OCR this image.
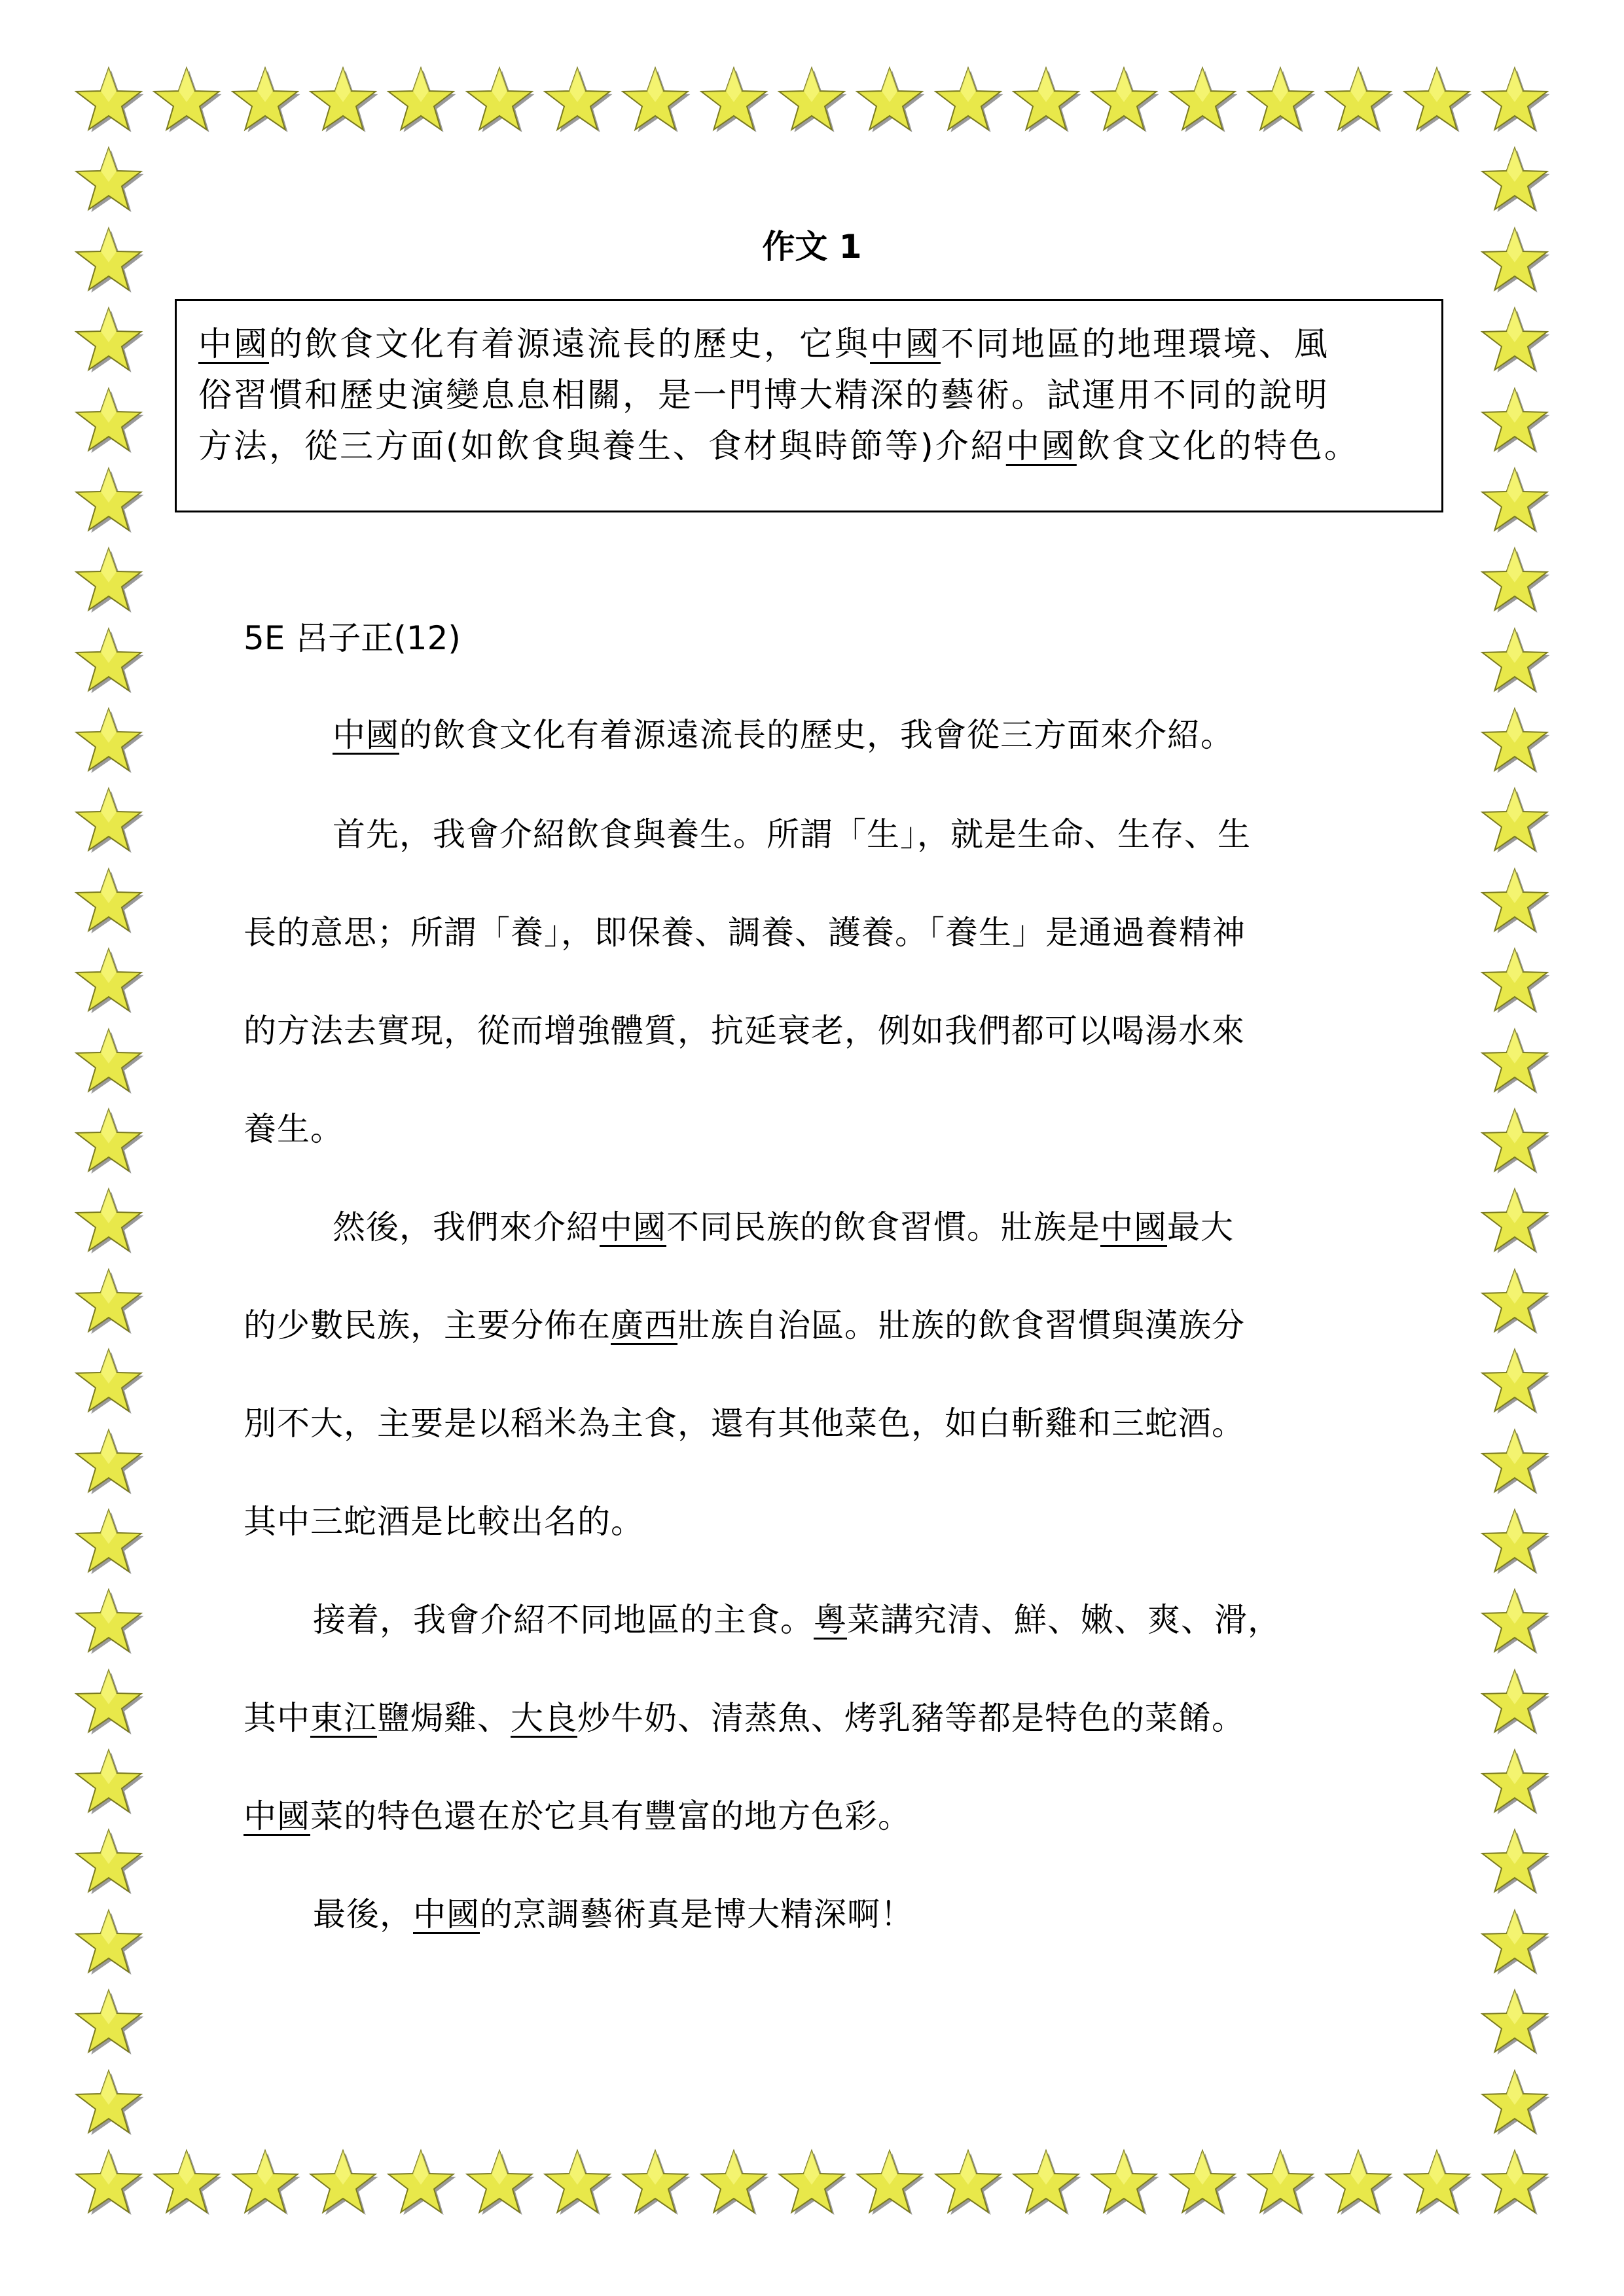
作文 1

中國的飲食文化有着源遠流長的歷史，它與中國不同地區的地理環境、風

俗習慣和歷史演變息息相關，是一門博大精深的藝術。試運用不同的說明

方法，從三方面(如飲食與養生、食材與時節等)介紹中國飲食文化的特色。

5E 呂子正(12)
中國的飲食文化有着源遠流長的歷史，我會從三方面來介紹。
首先，我會介紹飲食與養生。所謂「生」，就是生命、生存、生
長的意思；所謂「養」，即保養、調養、護養。「養生」是通過養精神
的方法去實現，從而增強體質，抗延衰老，例如我們都可以喝湯水來
養生。
然後，我們來介紹中國不同民族的飲食習慣。壯族是中國最大
的少數民族，主要分佈在廣西壯族自治區。壯族的飲食習慣與漢族分
別不大，主要是以稻米為主食，還有其他菜色，如白斬雞和三蛇酒。
其中三蛇酒是比較出名的。
接着，我會介紹不同地區的主食。粵菜講究清、鮮、嫩、爽、滑，
其中東江鹽焗雞、大良炒牛奶、清蒸魚、烤乳豬等都是特色的菜餚。
中國菜的特色還在於它具有豐富的地方色彩。
最後，中國的烹調藝術真是博大精深啊！
